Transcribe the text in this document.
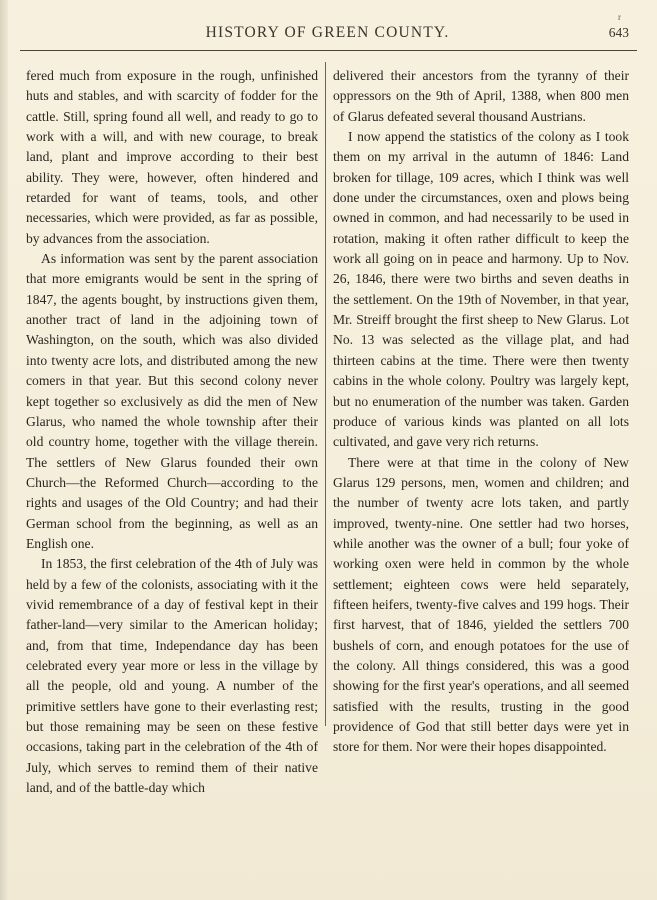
HISTORY OF GREEN COUNTY.	643
r

fered much from exposure in the rough, unfinished huts and stables, and with scarcity of fodder for the cattle. Still, spring found all well, and ready to go to work with a will, and with new courage, to break land, plant and improve according to their best ability. They were, however, often hindered and retarded for want of teams, tools, and other necessaries, which were provided, as far as possible, by advances from the association.

As information was sent by the parent association that more emigrants would be sent in the spring of 1847, the agents bought, by instructions given them, another tract of land in the adjoining town of Washington, on the south, which was also divided into twenty acre lots, and distributed among the new comers in that year. But this second colony never kept together so exclusively as did the men of New Glarus, who named the whole township after their old country home, together with the village therein. The settlers of New Glarus founded their own Church—the Reformed Church—according to the rights and usages of the Old Country; and had their German school from the beginning, as well as an English one.

In 1853, the first celebration of the 4th of July was held by a few of the colonists, associating with it the vivid remembrance of a day of festival kept in their father-land—very similar to the American holiday; and, from that time, Independance day has been celebrated every year more or less in the village by all the people, old and young. A number of the primitive settlers have gone to their everlasting rest; but those remaining may be seen on these festive occasions, taking part in the celebration of the 4th of July, which serves to remind them of their native land, and of the battle-day which

delivered their ancestors from the tyranny of their oppressors on the 9th of April, 1388, when 800 men of Glarus defeated several thousand Austrians.

I now append the statistics of the colony as I took them on my arrival in the autumn of 1846: Land broken for tillage, 109 acres, which I think was well done under the circumstances, oxen and plows being owned in common, and had necessarily to be used in rotation, making it often rather difficult to keep the work all going on in peace and harmony. Up to Nov. 26, 1846, there were two births and seven deaths in the settlement. On the 19th of November, in that year, Mr. Streiff brought the first sheep to New Glarus. Lot No. 13 was selected as the village plat, and had thirteen cabins at the time. There were then twenty cabins in the whole colony. Poultry was largely kept, but no enumeration of the number was taken. Garden produce of various kinds was planted on all lots cultivated, and gave very rich returns.

There were at that time in the colony of New Glarus 129 persons, men, women and children; and the number of twenty acre lots taken, and partly improved, twenty-nine. One settler had two horses, while another was the owner of a bull; four yoke of working oxen were held in common by the whole settlement; eighteen cows were held separately, fifteen heifers, twenty-five calves and 199 hogs. Their first harvest, that of 1846, yielded the settlers 700 bushels of corn, and enough potatoes for the use of the colony. All things considered, this was a good showing for the first year's operations, and all seemed satisfied with the results, trusting in the good providence of God that still better days were yet in store for them. Nor were their hopes disappointed.
